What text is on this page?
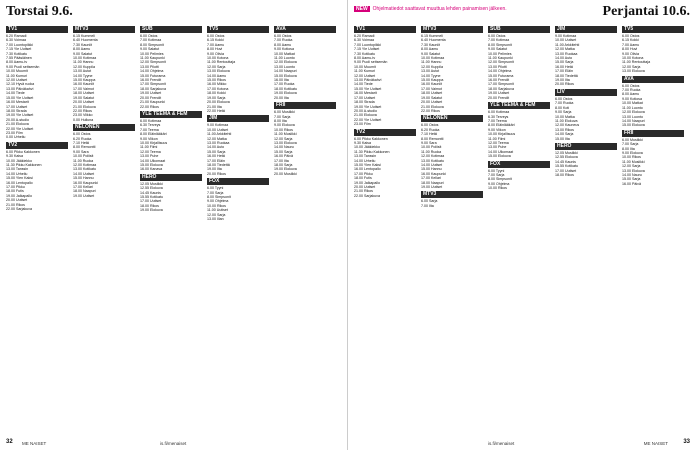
Torstai 9.6.
TV1
6.20 Ramadi
6.30 Voimaa
7.00 Luontopiikki
7.15 Yle Uutiset
7.30 Kotikatu
7.55 Pääsiäinen
8.00 Aamu-tv
9.00 Puoli seitsemän
10.00 Muumit
11.00 Kumuri
12.00 Uutiset
12.10 Hyvä ruoka
13.00 Päiväkahvi
14.00 Tiede
15.00 Yle Uutiset
16.00 Mestarit
17.00 Uutiset
18.00 Strada
19.00 Yle Uutiset
20.00 A-studio
21.00 Elokuva
22.00 Yle Uutiset
23.00 Film
0.00 Urheilu
TV2
6.00 Pikku Kakkonen
9.30 Kaisa
10.00 Jääkiekko
11.30 Pikku Kakkonen
13.00 Tanssin
14.00 Urheilu
15.00 Ylen Kaksi
16.00 Lentopallo
17.00 Pikku
18.00 Futis
19.00 Jalkapallo
20.00 Uutiset
21.00 Rikos
22.00 Sarjakuva
MTV3
6.15 Kummeli
6.40 Huomenta
7.30 Kauniit
8.00 Aamu
9.00 Salatut
10.00 Kotimaa
11.00 Hannu
12.00 Kuppila
13.00 Autot
14.00 Tyyne
15.00 Kauppa
16.00 Kauniit
17.00 Vaimot
18.00 Uutiset
19.00 Salatut
20.00 Uutiset
21.00 Elokuva
22.00 Rikos
23.00 Viikko
0.00 Hulluna
NELONEN
6.00 Ostos
6.20 Ruoka
7.10 Hetki
8.00 Remontti
9.00 Sara
10.00 Poliisit
11.00 Ruoka
12.00 Kotimaa
13.00 Kotikatu
14.00 Uutiset
15.00 Hannu
16.00 Kaupunki
17.00 Kellari
18.00 Naapuri
19.00 Uutiset
SUB
6.00 Ostos
7.00 Kotimaa
8.00 Simpsonit
9.00 Salatut
10.00 Pelimies
11.00 Kaupunki
12.00 Simpsonit
13.00 Pilotti
14.00 Ohjelma
15.00 Futurama
16.00 Frendit
17.00 Simpsonit
18.00 Sarjakuva
19.00 Uutiset
20.00 Frendit
21.00 Kaupunki
22.00 Rikos
YLE TEEMA & FEM
6.00 Kotimaa
6.30 Terveys
7.00 Teema
8.00 Eläinlääkäri
9.00 Viikon
10.00 Kirjallisuus
11.00 Filmi
12.00 Teema
13.00 Puhe
14.00 Ulkomaat
15.00 Elokuva
16.00 Kanava
HERO
12.05 Musiikki
12.55 Elokuva
14.45 Kaunis
15.55 Kotikatu
17.00 Uutiset
18.00 Rikos
19.00 Elokuva
TV5
6.00 Ostos
6.15 Kokki
7.00 Aamu
8.00 Huvi
9.00 Olivia
10.00 Kotona
11.00 Rentouttaja
12.00 Sarja
13.00 Elokuva
14.00 Aamu
15.00 Rikos
16.00 Mikko
17.00 Kotona
18.00 Kokki
19.00 Sarja
20.00 Elokuva
21.00 Ilta
22.00 Hetki
JIM
9.00 Kotimaa
10.00 Uutiset
11.00 Arkkitehti
12.00 Matka
13.00 Ruokaa
14.00 Auto
15.00 Sarja
16.00 Hetki
17.00 Eläin
18.00 Tiedettä
19.00 Ilta
20.00 Rikos
FOX
6.00 Tyyni
7.00 Sarja
8.00 Simpsonit
9.00 Ohjelma
10.00 Rikos
11.00 Uutiset
12.00 Sarja
13.00 Illan
AVA
6.00 Ostos
7.00 Ruoka
8.00 Aamu
9.00 Kotiosa
10.00 Matkat
11.00 Luonto
12.00 Elokuva
13.00 Luonto
14.00 Naapuri
15.00 Elokuva
16.00 Ilta
17.00 Ruoka
18.00 Kotikatu
19.00 Elokuva
20.00 Ilta
FRII
6.00 Musiikki
7.00 Sarja
8.00 Ilta
9.00 Elokuva
10.00 Rikos
11.00 Musiikki
12.00 Sarja
13.00 Elokuva
14.00 Nauru
15.00 Sarja
16.00 Päivä
17.00 Ilta
18.00 Sarja
19.00 Elokuva
20.00 Musiikki
32 ME NAISET	is.fi/menaiset
NEW Ohjelmatiedot saattavat muuttua lehden painamisen jälkeen.	Perjantai 10.6.
TV1
6.20 Ramadi
6.30 Voimaa
7.00 Luontopiikki
7.15 Yle Uutiset
7.30 Kotikatu
8.00 Aamu-tv
9.00 Puoli seitsemän
10.00 Muumit
11.00 Kumuri
12.00 Uutiset
13.00 Päiväkahvi
14.00 Tiede
15.00 Yle Uutiset
16.00 Mestarit
17.00 Uutiset
18.00 Strada
19.00 Yle Uutiset
20.00 A-studio
21.00 Elokuva
22.00 Yle Uutiset
23.00 Film
TV2
6.00 Pikku Kakkonen
9.30 Kaisa
10.00 Jääkiekko
11.30 Pikku Kakkonen
13.00 Tanssin
14.00 Urheilu
15.00 Ylen Kaksi
16.00 Lentopallo
17.00 Pikku
18.00 Futis
19.00 Jalkapallo
20.00 Uutiset
21.00 Rikos
22.00 Sarjakuva
MTV3
6.15 Kummeli
6.40 Huomenta
7.30 Kauniit
8.00 Aamu
9.00 Salatut
10.00 Kotimaa
11.00 Hannu
12.00 Kuppila
13.00 Autot
14.00 Tyyne
15.00 Kauppa
16.00 Kauniit
17.00 Vaimot
18.00 Uutiset
19.00 Salatut
20.00 Uutiset
21.00 Elokuva
22.00 Rikos
NELONEN
6.00 Ostos
6.20 Ruoka
7.10 Hetki
8.00 Remontti
9.00 Sara
10.00 Poliisit
11.00 Ruoka
12.00 Kotimaa
13.00 Kotikatu
14.00 Uutiset
15.00 Hannu
16.00 Kaupunki
17.00 Kellari
18.00 Naapuri
19.00 Uutiset
MTV3
6.00 Sarja
7.00 Ilta
SUB
6.00 Ostos
7.00 Kotimaa
8.00 Simpsonit
9.00 Salatut
10.00 Pelimies
11.00 Kaupunki
12.00 Simpsonit
13.00 Pilotti
14.00 Ohjelma
15.00 Futurama
16.00 Frendit
17.00 Simpsonit
18.00 Sarjakuva
19.00 Uutiset
20.00 Frendit
YLE TEEMA & FEM
6.00 Kotimaa
6.30 Terveys
7.00 Teema
8.00 Eläinlääkäri
9.00 Viikon
10.00 Kirjallisuus
11.00 Filmi
12.00 Teema
13.00 Puhe
14.00 Ulkomaat
15.00 Elokuva
FOX
6.00 Tyyni
7.00 Sarja
8.00 Simpsonit
9.00 Ohjelma
10.00 Rikos
JIM
9.00 Kotimaa
10.00 Uutiset
11.00 Arkkitehti
12.00 Matka
13.00 Ruokaa
14.00 Auto
15.00 Sarja
16.00 Hetki
17.00 Eläin
18.00 Tiedettä
19.00 Ilta
20.00 Rikos
LIV
6.00 Ostos
7.00 Ruoka
8.00 Koti
9.00 Sarja
10.00 Matka
11.00 Elokuva
12.00 Kauneus
13.00 Rikos
14.00 Sarja
15.00 Ilta
HERO
12.05 Musiikki
12.55 Elokuva
14.45 Kaunis
15.55 Kotikatu
17.00 Uutiset
18.00 Rikos
TV5
6.00 Ostos
6.15 Kokki
7.00 Aamu
8.00 Huvi
9.00 Olivia
10.00 Kotona
11.00 Rentouttaja
12.00 Sarja
13.00 Elokuva
AVA
6.00 Ostos
7.00 Ruoka
8.00 Aamu
9.00 Kotiosa
10.00 Matkat
11.00 Luonto
12.00 Elokuva
13.00 Luonto
14.00 Naapuri
15.00 Elokuva
FRII
6.00 Musiikki
7.00 Sarja
8.00 Ilta
9.00 Elokuva
10.00 Rikos
11.00 Musiikki
12.00 Sarja
13.00 Elokuva
14.00 Nauru
15.00 Sarja
16.00 Päivä
33
is.fi/menaiset	ME NAISET
